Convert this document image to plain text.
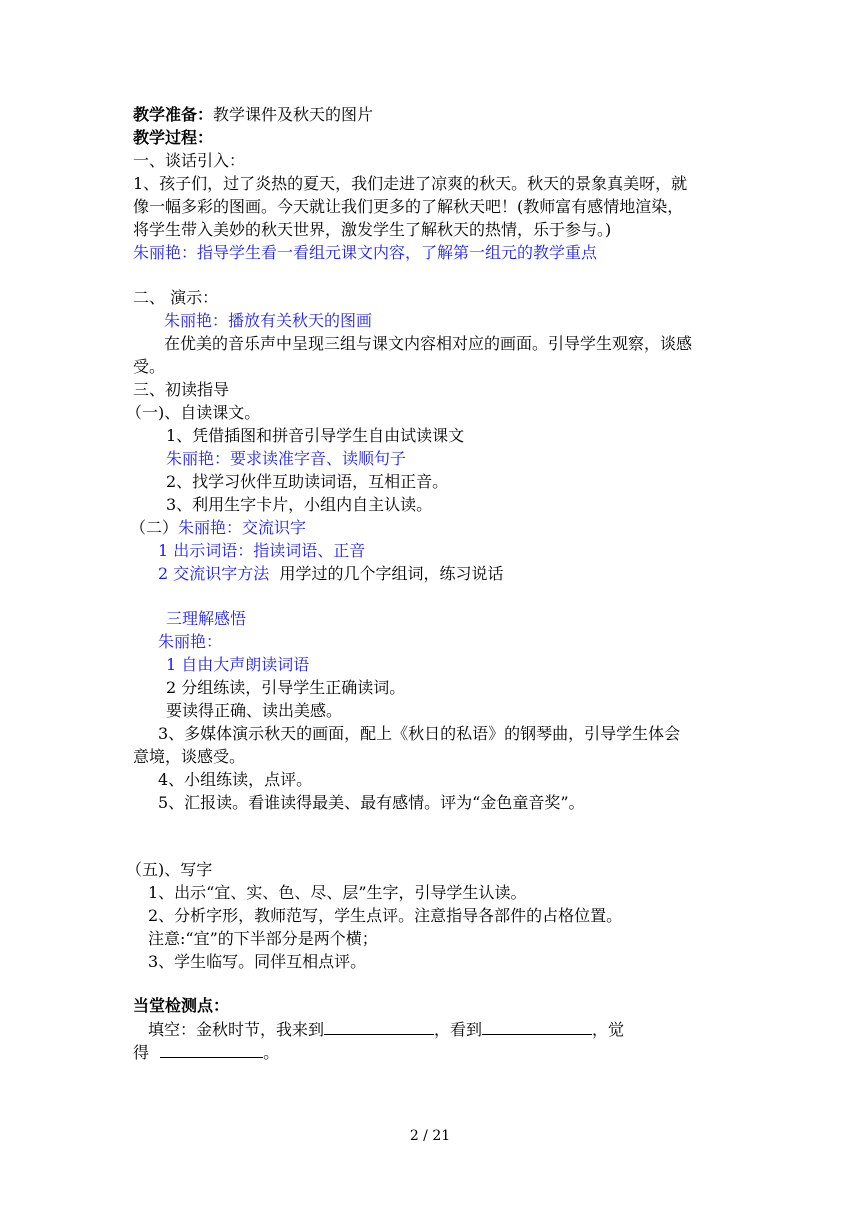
教学准备：教学课件及秋天的图片
教学过程：
一、谈话引入：
1、孩子们，过了炎热的夏天，我们走进了凉爽的秋天。秋天的景象真美呀，就
像一幅多彩的图画。今天就让我们更多的了解秋天吧！(教师富有感情地渲染，
将学生带入美妙的秋天世界，激发学生了解秋天的热情，乐于参与。)
朱丽艳：指导学生看一看组元课文内容，了解第一组元的教学重点
二、 演示：
朱丽艳：播放有关秋天的图画
在优美的音乐声中呈现三组与课文内容相对应的画面。引导学生观察，谈感
受。
三、初读指导
（一)、自读课文。
1、凭借插图和拼音引导学生自由试读课文
朱丽艳：要求读准字音、读顺句子
2、找学习伙伴互助读词语，互相正音。
3、利用生字卡片，小组内自主认读。
（二）朱丽艳：交流识字
1 出示词语：指读词语、正音
2 交流识字方法  用学过的几个字组词，练习说话
三理解感悟
朱丽艳：
1 自由大声朗读词语
2 分组练读，引导学生正确读词。
要读得正确、读出美感。
3、多媒体演示秋天的画面，配上《秋日的私语》的钢琴曲，引导学生体会
意境，谈感受。
4、小组练读，点评。
5、汇报读。看谁读得最美、最有感情。评为“金色童音奖”。
（五)、写字
1、出示“宜、实、色、尽、层”生字，引导学生认读。
2、分析字形，教师范写，学生点评。注意指导各部件的占格位置。
注意:“宜”的下半部分是两个横；
3、学生临写。同伴互相点评。
当堂检测点：
填空：金秋时节，我来到	，看到	，觉
得	。
2 / 21
